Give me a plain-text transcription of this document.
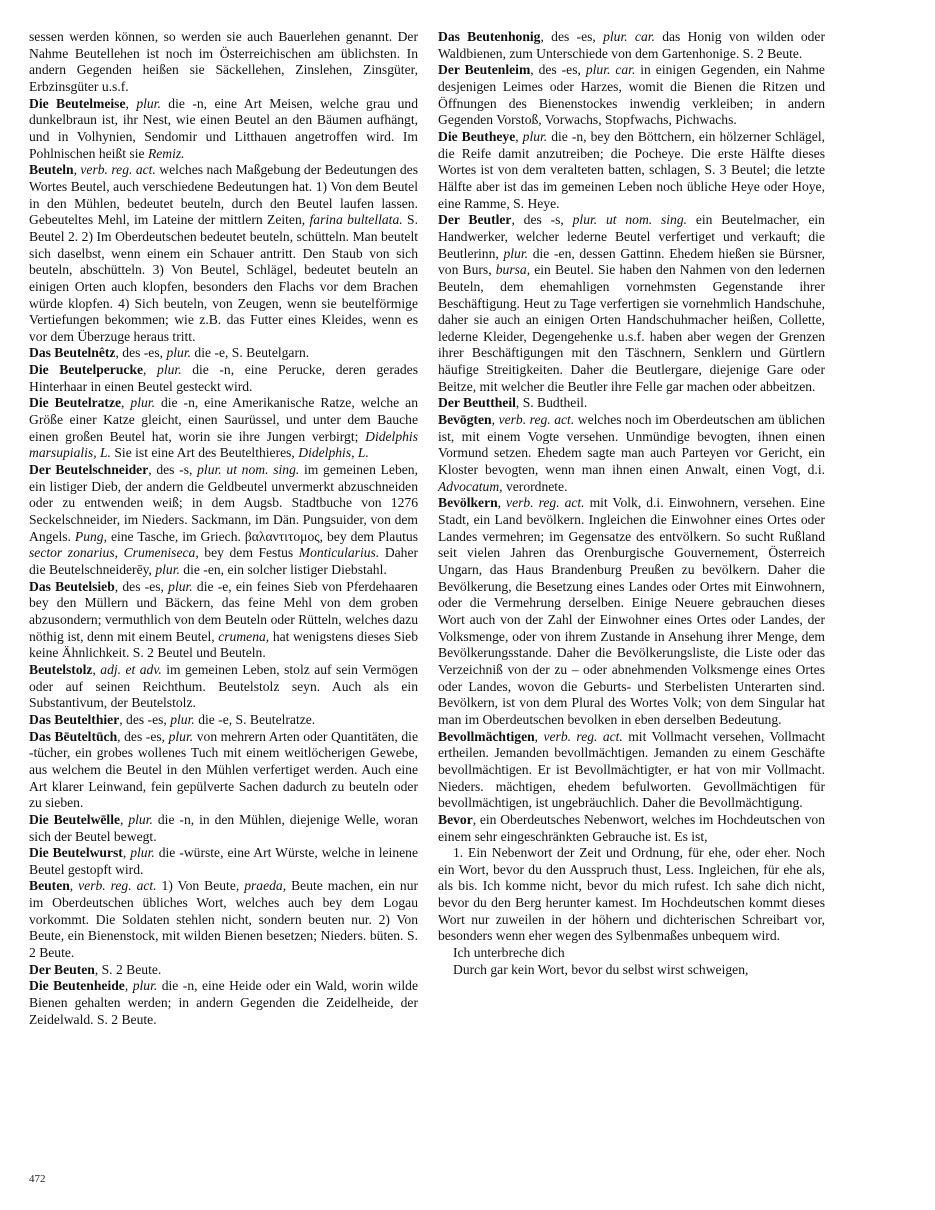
sessen werden können, so werden sie auch Bauerlehen genannt. Der Nahme Beutellehen ist noch im Österreichischen am üblichsten. In andern Gegenden heißen sie Säckellehen, Zinslehen, Zinsgüter, Erbzinsgüter u.s.f.

Die Beutelmeise, plur. die -n, eine Art Meisen, welche grau und dunkelbraun ist, ihr Nest, wie einen Beutel an den Bäumen aufhängt, und in Volhynien, Sendomir und Litthauen angetroffen wird. Im Pohlnischen heißt sie Remiz.

Beuteln, verb. reg. act. welches nach Maßgebung der Bedeutungen des Wortes Beutel, auch verschiedene Bedeutungen hat. 1) Von dem Beutel in den Mühlen, bedeutet beuteln, durch den Beutel laufen lassen. Gebeuteltes Mehl, im Lateine der mittlern Zeiten, farina bultellata. S. Beutel 2. 2) Im Oberdeutschen bedeutet beuteln, schütteln. Man beutelt sich daselbst, wenn einem ein Schauer antritt. Den Staub von sich beuteln, abschütteln. 3) Von Beutel, Schlägel, bedeutet beuteln an einigen Orten auch klopfen, besonders den Flachs vor dem Brachen würde klopfen. 4) Sich beuteln, von Zeugen, wenn sie beutelförmige Vertiefungen bekommen; wie z.B. das Futter eines Kleides, wenn es vor dem Überzuge heraus tritt.

Das Beutelnêtz, des -es, plur. die -e, S. Beutelgarn.

Die Beutelperucke, plur. die -n, eine Perucke, deren gerades Hinterhaar in einen Beutel gesteckt wird.

Die Beutelratze, plur. die -n, eine Amerikanische Ratze, welche an Größe einer Katze gleicht, einen Saurüssel, und unter dem Bauche einen großen Beutel hat, worin sie ihre Jungen verbirgt; Didelphis marsupialis, L. Sie ist eine Art des Beutelthieres, Didelphis, L.

Der Beutelschneider, des -s, plur. ut nom. sing. im gemeinen Leben, ein listiger Dieb, der andern die Geldbeutel unvermerkt abzuschneiden oder zu entwenden weiß; in dem Augsb. Stadtbuche von 1276 Seckelschneider, im Nieders. Sackmann, im Dän. Pungsuider, von dem Angels. Pung, eine Tasche, im Griech. βαλαντιτομος, bey dem Plautus sector zonarius, Crumeniseca, bey dem Festus Monticularius. Daher die Beutelschneiderēy, plur. die -en, ein solcher listiger Diebstahl.

Das Beutelsieb, des -es, plur. die -e, ein feines Sieb von Pferdehaaren bey den Müllern und Bäckern, das feine Mehl von dem groben abzusondern; vermuthlich von dem Beuteln oder Rütteln, welches dazu nöthig ist, denn mit einem Beutel, crumena, hat wenigstens dieses Sieb keine Ähnlichkeit. S. 2 Beutel und Beuteln.

Beutelstolz, adj. et adv. im gemeinen Leben, stolz auf sein Vermögen oder auf seinen Reichthum. Beutelstolz seyn. Auch als ein Substantivum, der Beutelstolz.

Das Beutelthier, des -es, plur. die -e, S. Beutelratze.

Das Bēuteltūch, des -es, plur. von mehrern Arten oder Quantitäten, die -tücher, ein grobes wollenes Tuch mit einem weitlöcherigen Gewebe, aus welchem die Beutel in den Mühlen verfertiget werden. Auch eine Art klarer Leinwand, fein gepülverte Sachen dadurch zu beuteln oder zu sieben.

Die Beutelwēlle, plur. die -n, in den Mühlen, diejenige Welle, woran sich der Beutel bewegt.

Die Beutelwurst, plur. die -würste, eine Art Würste, welche in leinene Beutel gestopft wird.

Beuten, verb. reg. act. 1) Von Beute, praeda, Beute machen, ein nur im Oberdeutschen übliches Wort, welches auch bey dem Logau vorkommt. Die Soldaten stehlen nicht, sondern beuten nur. 2) Von Beute, ein Bienenstock, mit wilden Bienen besetzen; Nieders. büten. S. 2 Beute.

Der Beuten, S. 2 Beute.

Die Beutenheide, plur. die -n, eine Heide oder ein Wald, worin wilde Bienen gehalten werden; in andern Gegenden die Zeidelheide, der Zeidelwald. S. 2 Beute.

Das Beutenhonig, des -es, plur. car. das Honig von wilden oder Waldbienen, zum Unterschiede von dem Gartenhonige. S. 2 Beute.

Der Beutenleim, des -es, plur. car. in einigen Gegenden, ein Nahme desjenigen Leimes oder Harzes, womit die Bienen die Ritzen und Öffnungen des Bienenstockes inwendig verkleiben; in andern Gegenden Vorstoß, Vorwachs, Stopfwachs, Pichwachs.

Die Beutheye, plur. die -n, bey den Böttchern, ein hölzerner Schlägel, die Reife damit anzutreiben; die Pocheye. Die erste Hälfte dieses Wortes ist von dem veralteten batten, schlagen, S. 3 Beutel; die letzte Hälfte aber ist das im gemeinen Leben noch übliche Heye oder Hoye, eine Ramme, S. Heye.

Der Beutler, des -s, plur. ut nom. sing. ein Beutelmacher, ein Handwerker, welcher lederne Beutel verfertiget und verkauft; die Beutlerinn, plur. die -en, dessen Gattinn. Ehedem hießen sie Bürsner, von Burs, bursa, ein Beutel. Sie haben den Nahmen von den ledernen Beuteln, dem ehemahligen vornehmsten Gegenstande ihrer Beschäftigung. Heut zu Tage verfertigen sie vornehmlich Handschuhe, daher sie auch an einigen Orten Handschuhmacher heißen, Collette, lederne Kleider, Degengehenke u.s.f. haben aber wegen der Grenzen ihrer Beschäftigungen mit den Täschnern, Senklern und Gürtlern häufige Streitigkeiten. Daher die Beutlergare, diejenige Gare oder Beitze, mit welcher die Beutler ihre Felle gar machen oder abbeitzen.

Der Beuttheil, S. Budtheil.

Bevōgten, verb. reg. act. welches noch im Oberdeutschen am üblichen ist, mit einem Vogte versehen. Unmündige bevogten, ihnen einen Vormund setzen. Ehedem sagte man auch Parteyen vor Gericht, ein Kloster bevogten, wenn man ihnen einen Anwalt, einen Vogt, d.i. Advocatum, verordnete.

Bevölkern, verb. reg. act. mit Volk, d.i. Einwohnern, versehen. Eine Stadt, ein Land bevölkern. Ingleichen die Einwohner eines Ortes oder Landes vermehren; im Gegensatze des entvölkern. So sucht Rußland seit vielen Jahren das Orenburgische Gouvernement, Österreich Ungarn, das Haus Brandenburg Preußen zu bevölkern. Daher die Bevölkerung, die Besetzung eines Landes oder Ortes mit Einwohnern, oder die Vermehrung derselben. Einige Neuere gebrauchen dieses Wort auch von der Zahl der Einwohner eines Ortes oder Landes, der Volksmenge, oder von ihrem Zustande in Ansehung ihrer Menge, dem Bevölkerungsstande. Daher die Bevölkerungsliste, die Liste oder das Verzeichniß von der zu – oder abnehmenden Volksmenge eines Ortes oder Landes, wovon die Geburts- und Sterbelisten Unterarten sind. Bevölkern, ist von dem Plural des Wortes Volk; von dem Singular hat man im Oberdeutschen bevolken in eben derselben Bedeutung.

Bevollmächtigen, verb. reg. act. mit Vollmacht versehen, Vollmacht ertheilen. Jemanden bevollmächtigen. Jemanden zu einem Geschäfte bevollmächtigen. Er ist Bevollmächtigter, er hat von mir Vollmacht. Nieders. mächtigen, ehedem befulworten. Gevollmächtigen für bevollmächtigen, ist ungebräuchlich. Daher die Bevollmächtigung.

Bevor, ein Oberdeutsches Nebenwort, welches im Hochdeutschen von einem sehr eingeschränkten Gebrauche ist. Es ist,

1. Ein Nebenwort der Zeit und Ordnung, für ehe, oder eher. Noch ein Wort, bevor du den Ausspruch thust, Less. Ingleichen, für ehe als, als bis. Ich komme nicht, bevor du mich rufest. Ich sahe dich nicht, bevor du den Berg herunter kamest. Im Hochdeutschen kommt dieses Wort nur zuweilen in der höhern und dichterischen Schreibart vor, besonders wenn eher wegen des Sylbenmaßes unbequem wird.

Ich unterbreche dich

Durch gar kein Wort, bevor du selbst wirst schweigen,

472
